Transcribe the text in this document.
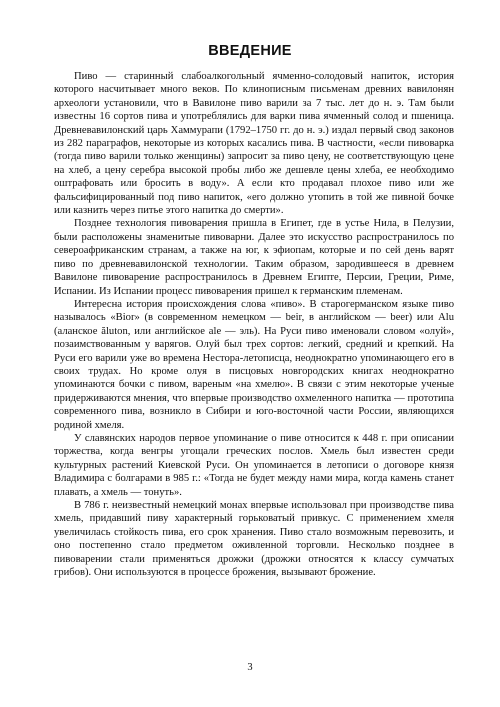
ВВЕДЕНИЕ

Пиво — старинный слабоалкогольный ячменно-солодовый напиток, история которого насчитывает много веков. По клинописным письменам древних вавилонян археологи установили, что в Вавилоне пиво варили за 7 тыс. лет до н. э. Там были известны 16 сортов пива и употреблялись для варки пива ячменный солод и пшеница. Древневавилонский царь Хаммурапи (1792–1750 гг. до н. э.) издал первый свод законов из 282 параграфов, некоторые из которых касались пива. В частности, «если пивоварка (тогда пиво варили только женщины) запросит за пиво цену, не соответствующую цене на хлеб, а цену серебра высокой пробы либо же дешевле цены хлеба, ее необходимо оштрафовать или бросить в воду». А если кто продавал плохое пиво или же фальсифицированный под пиво напиток, «его должно утопить в той же пивной бочке или казнить через питье этого напитка до смерти».

Позднее технология пивоварения пришла в Египет, где в устье Нила, в Пелузии, были расположены знаменитые пивоварни. Далее это искусство распространилось по североафриканским странам, а также на юг, к эфиопам, которые и по сей день варят пиво по древневавилонской технологии. Таким образом, зародившееся в древнем Вавилоне пивоварение распространилось в Древнем Египте, Персии, Греции, Риме, Испании. Из Испании процесс пивоварения пришел к германским племенам.

Интересна история происхождения слова «пиво». В старогерманском языке пиво называлось «Bior» (в современном немецком — beir, в английском — beer) или Alu (аланское ăluton, или английское ale — эль). На Руси пиво именовали словом «олуй», позаимствованным у варягов. Олуй был трех сортов: легкий, средний и крепкий. На Руси его варили уже во времена Нестора-летописца, неоднократно упоминающего его в своих трудах. Но кроме олуя в писцовых новгородских книгах неоднократно упоминаются бочки с пивом, вареным «на хмелю». В связи с этим некоторые ученые придерживаются мнения, что впервые производство охмеленного напитка — прототипа современного пива, возникло в Сибири и юго-восточной части России, являющихся родиной хмеля.

У славянских народов первое упоминание о пиве относится к 448 г. при описании торжества, когда венгры угощали греческих послов. Хмель был известен среди культурных растений Киевской Руси. Он упоминается в летописи о договоре князя Владимира с болгарами в 985 г.: «Тогда не будет между нами мира, когда камень станет плавать, а хмель — тонуть».

В 786 г. неизвестный немецкий монах впервые использовал при производстве пива хмель, придавший пиву характерный горьковатый привкус. С применением хмеля увеличилась стойкость пива, его срок хранения. Пиво стало возможным перевозить, и оно постепенно стало предметом оживленной торговли. Несколько позднее в пивоварении стали применяться дрожжи (дрожжи относятся к классу сумчатых грибов). Они используются в процессе брожения, вызывают брожение.

3
